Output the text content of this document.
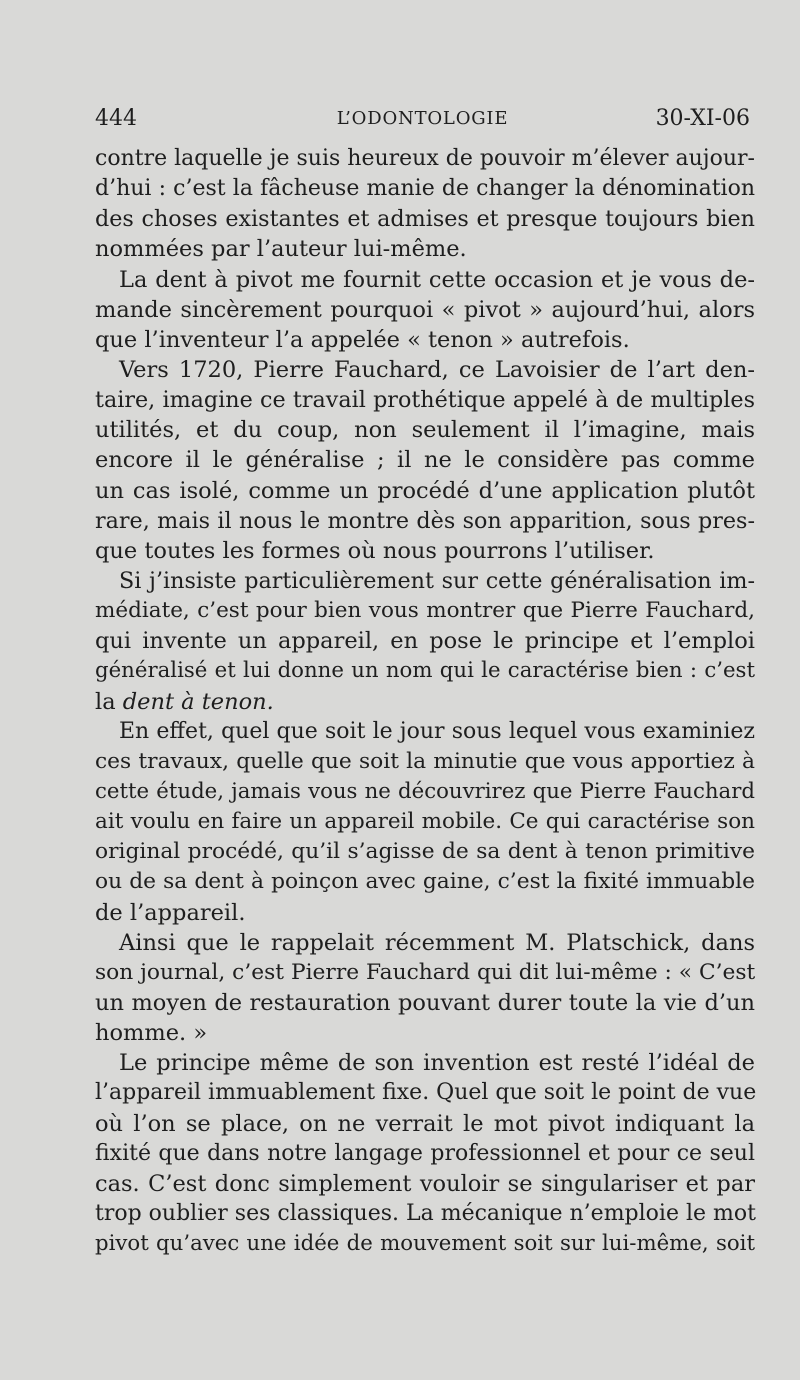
444	L’ODONTOLOGIE	30-XI-06
contre laquelle je suis heureux de pouvoir m’élever aujour-
d’hui : c’est la fâcheuse manie de changer la dénomination
des choses existantes et admises et presque toujours bien
nommées par l’auteur lui-même.
La dent à pivot me fournit cette occasion et je vous de-
mande sincèrement pourquoi « pivot » aujourd’hui, alors
que l’inventeur l’a appelée « tenon » autrefois.
Vers 1720, Pierre Fauchard, ce Lavoisier de l’art den-
taire, imagine ce travail prothétique appelé à de multiples
utilités, et du coup, non seulement il l’imagine, mais
encore il le généralise ; il ne le considère pas comme
un cas isolé, comme un procédé d’une application plutôt
rare, mais il nous le montre dès son apparition, sous pres-
que toutes les formes où nous pourrons l’utiliser.
Si j’insiste particulièrement sur cette généralisation im-
médiate, c’est pour bien vous montrer que Pierre Fauchard,
qui invente un appareil, en pose le principe et l’emploi
généralisé et lui donne un nom qui le caractérise bien : c’est
la dent à tenon.
En effet, quel que soit le jour sous lequel vous examiniez
ces travaux, quelle que soit la minutie que vous apportiez à
cette étude, jamais vous ne découvrirez que Pierre Fauchard
ait voulu en faire un appareil mobile. Ce qui caractérise son
original procédé, qu’il s’agisse de sa dent à tenon primitive
ou de sa dent à poinçon avec gaine, c’est la fixité immuable
de l’appareil.
Ainsi que le rappelait récemment M. Platschick, dans
son journal, c’est Pierre Fauchard qui dit lui-même : « C’est
un moyen de restauration pouvant durer toute la vie d’un
homme. »
Le principe même de son invention est resté l’idéal de
l’appareil immuablement fixe. Quel que soit le point de vue
où l’on se place, on ne verrait le mot pivot indiquant la
fixité que dans notre langage professionnel et pour ce seul
cas. C’est donc simplement vouloir se singulariser et par
trop oublier ses classiques. La mécanique n’emploie le mot
pivot qu’avec une idée de mouvement soit sur lui-même, soit
